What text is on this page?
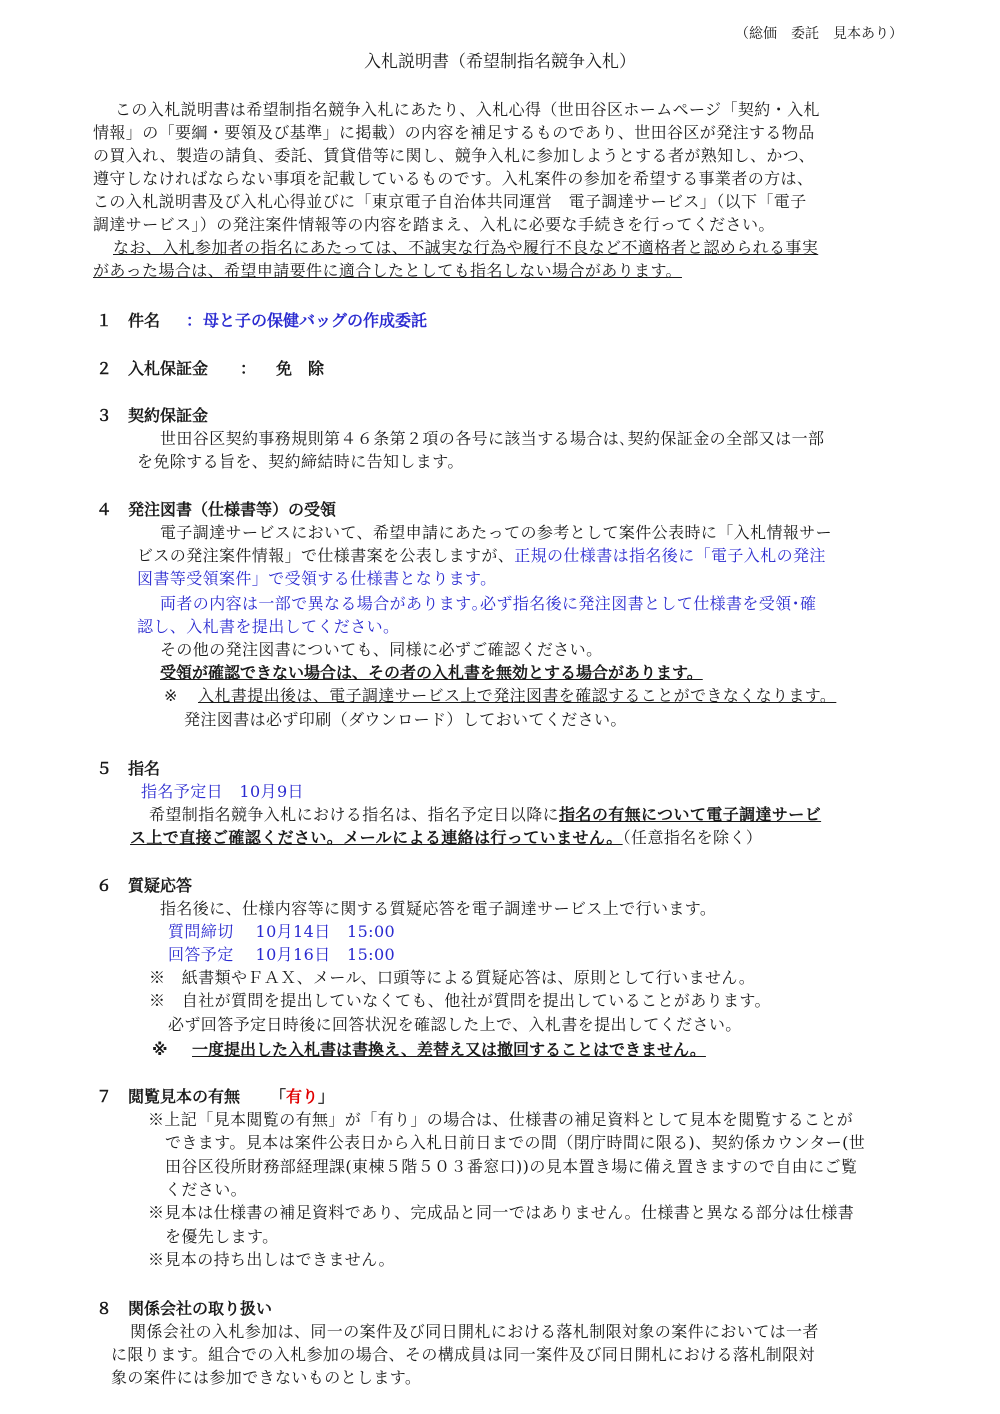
（総価　委託　見本あり）
入札説明書（希望制指名競争入札）
この入札説明書は希望制指名競争入札にあたり、入札心得（世田谷区ホームページ「契約・入札
情報」の「要綱・要領及び基準」に掲載）の内容を補足するものであり、世田谷区が発注する物品
の買入れ、製造の請負、委託、賃貸借等に関し、競争入札に参加しようとする者が熟知し、かつ、
遵守しなければならない事項を記載しているものです。入札案件の参加を希望する事業者の方は、
この入札説明書及び入札心得並びに「東京電子自治体共同運営　電子調達サービス」（以下「電子
調達サービス」）の発注案件情報等の内容を踏まえ、入札に必要な手続きを行ってください。
なお、入札参加者の指名にあたっては、不誠実な行為や履行不良など不適格者と認められる事実
があった場合は、希望申請要件に適合したとしても指名しない場合があります。
１ 件名 ： 母と子の保健バッグの作成委託
２ 入札保証金 ： 免　除
３ 契約保証金
世田谷区契約事務規則第４６条第２項の各号に該当する場合は､契約保証金の全部又は一部
を免除する旨を、契約締結時に告知します。
４ 発注図書（仕様書等）の受領
電子調達サービスにおいて、希望申請にあたっての参考として案件公表時に「入札情報サー
ビスの発注案件情報」で仕様書案を公表しますが、正規の仕様書は指名後に「電子入札の発注
図書等受領案件」で受領する仕様書となります。
両者の内容は一部で異なる場合があります｡必ず指名後に発注図書として仕様書を受領･確
認し、入札書を提出してください。
その他の発注図書についても、同様に必ずご確認ください。
受領が確認できない場合は、その者の入札書を無効とする場合があります。
※ 入札書提出後は、電子調達サービス上で発注図書を確認することができなくなります。
発注図書は必ず印刷（ダウンロード）しておいてください。
５ 指名
指名予定日　10月9日
希望制指名競争入札における指名は、指名予定日以降に指名の有無について電子調達サービ
ス上で直接ご確認ください。メールによる連絡は行っていません。（任意指名を除く）
６ 質疑応答
指名後に、仕様内容等に関する質疑応答を電子調達サービス上で行います。
質問締切　 10月14日　15:00
回答予定　 10月16日　15:00
※　紙書類やＦＡＸ、メール、口頭等による質疑応答は、原則として行いません。
※　自社が質問を提出していなくても、他社が質問を提出していることがあります。
必ず回答予定日時後に回答状況を確認した上で、入札書を提出してください。
※ 一度提出した入札書は書換え、差替え又は撤回することはできません。
７ 閲覧見本の有無 「有り」
※上記「見本閲覧の有無」が「有り」の場合は、仕様書の補足資料として見本を閲覧することが
できます。見本は案件公表日から入札日前日までの間（閉庁時間に限る)、契約係カウンター(世
田谷区役所財務部経理課(東棟５階５０３番窓口))の見本置き場に備え置きますので自由にご覧
ください。
※見本は仕様書の補足資料であり、完成品と同一ではありません。仕様書と異なる部分は仕様書
を優先します。
※見本の持ち出しはできません。
８ 関係会社の取り扱い
関係会社の入札参加は、同一の案件及び同日開札における落札制限対象の案件においては一者
に限ります。組合での入札参加の場合、その構成員は同一案件及び同日開札における落札制限対
象の案件には参加できないものとします。
